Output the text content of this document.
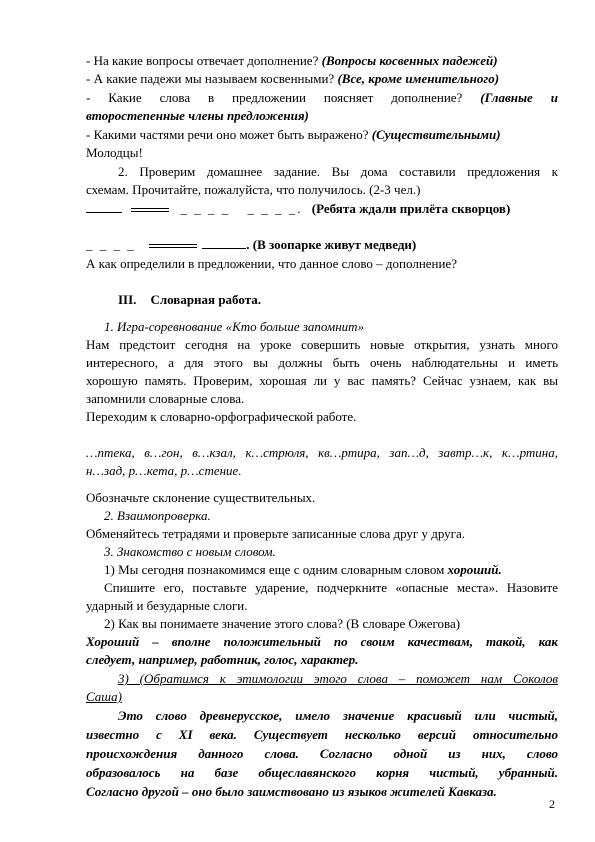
- На какие вопросы отвечает дополнение? (Вопросы косвенных падежей)
- А какие падежи мы называем косвенными? (Все, кроме именительного)
- Какие слова в предложении поясняет дополнение? (Главные и
второстепенные члены предложения)
- Какими частями речи оно может быть выражено? (Существительными)
Молодцы!
2. Проверим домашнее задание. Вы дома составили предложения к
схемам. Прочитайте, пожалуйста, что получилось. (2-3 чел.)
_ _ _ _ _ _ _ _. (Ребята ждали прилёта скворцов)
_ _ _ _	. (В зоопарке живут медведи)
А как определили в предложении, что данное слово – дополнение?
III. Словарная работа.
1. Игра-соревнование «Кто больше запомнит»
Нам предстоит сегодня на уроке совершить новые открытия, узнать много
интересного, а для этого вы должны быть очень наблюдательны и иметь
хорошую память. Проверим, хорошая ли у вас память? Сейчас узнаем, как вы
запомнили словарные слова.
Переходим к словарно-орфографической работе.
…птека, в…гон, в…кзал, к…стрюля, кв…ртира, зап…д, завтр…к, к…ртина,
н…зад, р…кета, р…стение.
Обозначьте склонение существительных.
2. Взаимопроверка.
Обменяйтесь тетрадями и проверьте записанные слова друг у друга.
3. Знакомство с новым словом.
1) Мы сегодня познакомимся еще с одним словарным словом хороший.
Спишите его, поставьте ударение, подчеркните «опасные места». Назовите
ударный и безударные слоги.
2) Как вы понимаете значение этого слова? (В словаре Ожегова)
Хороший – вполне положительный по своим качествам, такой, как
следует, например, работник, голос, характер.
3) (Обратимся к этимологии этого слова – поможет нам Соколов
Саша)
Это слово древнерусское, имело значение красивый или чистый,
известно с XI века. Существует несколько версий относительно
происхождения данного слова. Согласно одной из них, слово
образовалось на базе общеславянского корня чистый, убранный.
Согласно другой – оно было заимствовано из языков жителей Кавказа.
2
